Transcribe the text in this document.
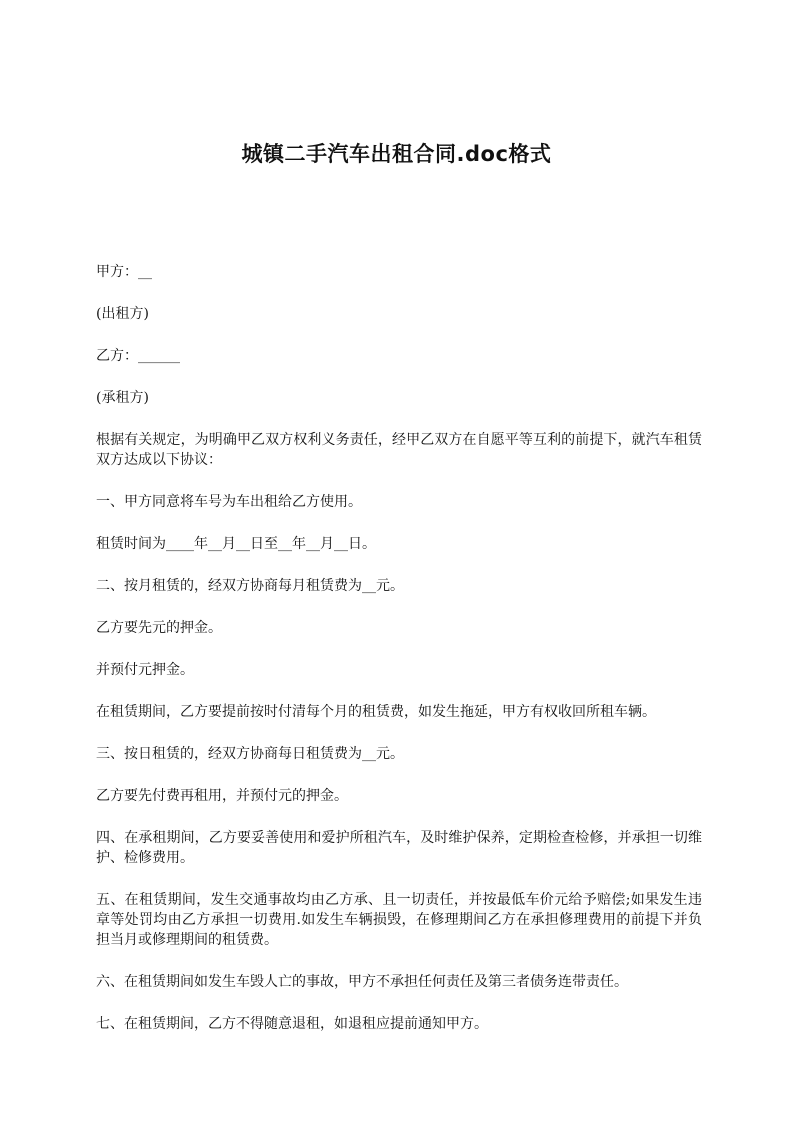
城镇二手汽车出租合同.doc格式

甲方：__

(出租方)

乙方：______

(承租方)

根据有关规定，为明确甲乙双方权利义务责任，经甲乙双方在自愿平等互利的前提下，就汽车租赁双方达成以下协议：

一、甲方同意将车号为车出租给乙方使用。

租赁时间为____年__月__日至__年__月__日。

二、按月租赁的，经双方协商每月租赁费为__元。

乙方要先元的押金。

并预付元押金。

在租赁期间，乙方要提前按时付清每个月的租赁费，如发生拖延，甲方有权收回所租车辆。

三、按日租赁的，经双方协商每日租赁费为__元。

乙方要先付费再租用，并预付元的押金。

四、在承租期间，乙方要妥善使用和爱护所租汽车，及时维护保养，定期检查检修，并承担一切维护、检修费用。

五、在租赁期间，发生交通事故均由乙方承、且一切责任，并按最低车价元给予赔偿;如果发生违章等处罚均由乙方承担一切费用.如发生车辆损毁，在修理期间乙方在承担修理费用的前提下并负担当月或修理期间的租赁费。

六、在租赁期间如发生车毁人亡的事故，甲方不承担任何责任及第三者债务连带责任。

七、在租赁期间，乙方不得随意退租，如退租应提前通知甲方。
